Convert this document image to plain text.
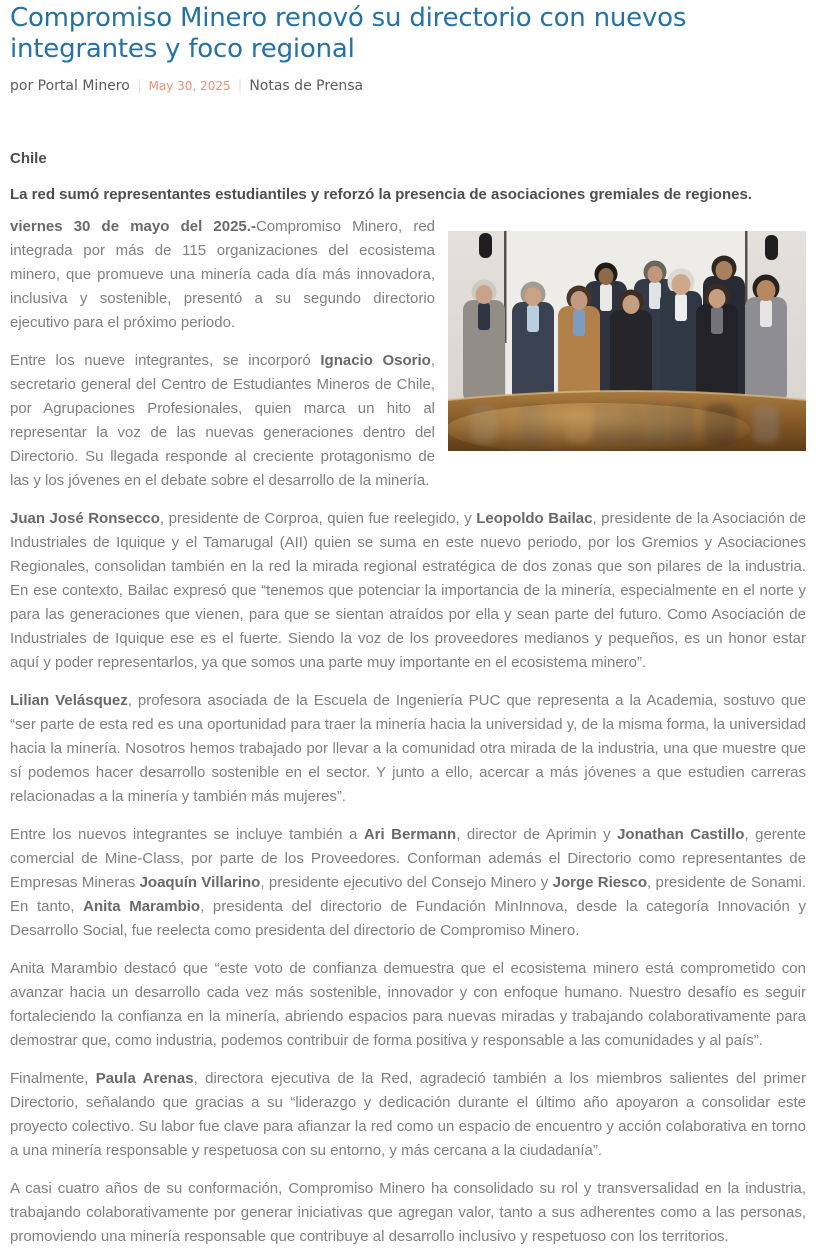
Compromiso Minero renovó su directorio con nuevos integrantes y foco regional

por Portal Minero | May 30, 2025 | Notas de Prensa

Chile

La red sumó representantes estudiantiles y reforzó la presencia de asociaciones gremiales de regiones.

viernes 30 de mayo del 2025.-Compromiso Minero, red integrada por más de 115 organizaciones del ecosistema minero, que promueve una minería cada día más innovadora, inclusiva y sostenible, presentó a su segundo directorio ejecutivo para el próximo periodo.

Entre los nueve integrantes, se incorporó Ignacio Osorio, secretario general del Centro de Estudiantes Mineros de Chile, por Agrupaciones Profesionales, quien marca un hito al representar la voz de las nuevas generaciones dentro del Directorio. Su llegada responde al creciente protagonismo de las y los jóvenes en el debate sobre el desarrollo de la minería.

Juan José Ronsecco, presidente de Corproa, quien fue reelegido, y Leopoldo Bailac, presidente de la Asociación de Industriales de Iquique y el Tamarugal (AII) quien se suma en este nuevo periodo, por los Gremios y Asociaciones Regionales, consolidan también en la red la mirada regional estratégica de dos zonas que son pilares de la industria. En ese contexto, Bailac expresó que “tenemos que potenciar la importancia de la minería, especialmente en el norte y para las generaciones que vienen, para que se sientan atraídos por ella y sean parte del futuro. Como Asociación de Industriales de Iquique ese es el fuerte. Siendo la voz de los proveedores medianos y pequeños, es un honor estar aquí y poder representarlos, ya que somos una parte muy importante en el ecosistema minero”.

Lilian Velásquez, profesora asociada de la Escuela de Ingeniería PUC que representa a la Academia, sostuvo que “ser parte de esta red es una oportunidad para traer la minería hacia la universidad y, de la misma forma, la universidad hacia la minería. Nosotros hemos trabajado por llevar a la comunidad otra mirada de la industria, una que muestre que sí podemos hacer desarrollo sostenible en el sector. Y junto a ello, acercar a más jóvenes a que estudien carreras relacionadas a la minería y también más mujeres”.

Entre los nuevos integrantes se incluye también a Ari Bermann, director de Aprimin y Jonathan Castillo, gerente comercial de Mine-Class, por parte de los Proveedores. Conforman además el Directorio como representantes de Empresas Mineras Joaquín Villarino, presidente ejecutivo del Consejo Minero y Jorge Riesco, presidente de Sonami. En tanto, Anita Marambio, presidenta del directorio de Fundación MinInnova, desde la categoría Innovación y Desarrollo Social, fue reelecta como presidenta del directorio de Compromiso Minero.

Anita Marambio destacó que “este voto de confianza demuestra que el ecosistema minero está comprometido con avanzar hacia un desarrollo cada vez más sostenible, innovador y con enfoque humano. Nuestro desafío es seguir fortaleciendo la confianza en la minería, abriendo espacios para nuevas miradas y trabajando colaborativamente para demostrar que, como industria, podemos contribuir de forma positiva y responsable a las comunidades y al país”.

Finalmente, Paula Arenas, directora ejecutiva de la Red, agradeció también a los miembros salientes del primer Directorio, señalando que gracias a su “liderazgo y dedicación durante el último año apoyaron a consolidar este proyecto colectivo. Su labor fue clave para afianzar la red como un espacio de encuentro y acción colaborativa en torno a una minería responsable y respetuosa con su entorno, y más cercana a la ciudadanía”.

A casi cuatro años de su conformación, Compromiso Minero ha consolidado su rol y transversalidad en la industria, trabajando colaborativamente por generar iniciativas que agregan valor, tanto a sus adherentes como a las personas, promoviendo una minería responsable que contribuye al desarrollo inclusivo y respetuoso con los territorios.
